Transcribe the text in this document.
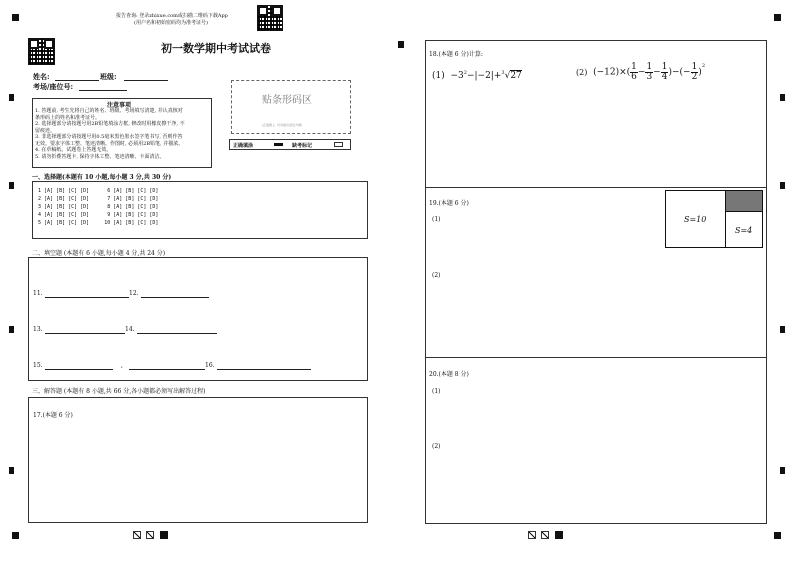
报告查询: 登录zhixue.com或扫描二维码下载App
(用户名和初始密码均为准考证号)
初一数学期中考试试卷
姓名:	班级:
考场/座位号:
贴条形码区
(正面朝上, 切勿贴出虚线方框)
正确填涂	缺考标记
注意事项
1. 答题前, 考生先将自己的姓名、班级、考场填写清楚, 并认真核对
条形码上的姓名和准考证号。
2. 选择题部分请按题号用2B铅笔填涂方框, 修改时用橡皮擦干净, 不
留痕迹。
3. 非选择题部分请按题号用0.5毫米黑色墨水签字笔书写, 否则作答
无效。要求字体工整、笔迹清晰。作图时, 必须用2B铅笔, 并描浓。
4. 在草稿纸、试题卷上答题无效。
5. 请勿折叠答题卡, 保持字体工整、笔迹清晰、卡面清洁。
一、选择题(本题有 10 小题,每小题 3 分,共 30 分)
1 [A] [B] [C] [D]      6 [A] [B] [C] [D]
2 [A] [B] [C] [D]      7 [A] [B] [C] [D]
3 [A] [B] [C] [D]      8 [A] [B] [C] [D]
4 [A] [B] [C] [D]      9 [A] [B] [C] [D]
5 [A] [B] [C] [D]     10 [A] [B] [C] [D]
二、填空题 (本题有 6 小题,每小题 4 分,共 24 分)
11.	12.
13.	14.
15.	,	16.
三、解答题 (本题有 8 小题,共 66 分,各小题都必须写出解答过程)
17.(本题 6 分)
18.(本题 6 分)计算:
$(1) -3^2-|-2|+^3√27$	(2) $(-12)\times( \frac{1}{6} - \frac{1}{3} - \frac{1}{4}$ )−(− $\frac{1}{2} )^2$
19.(本题 6 分)
(1)
(2)
S=10
S=4
20.(本题 8 分)
(1)
(2)
